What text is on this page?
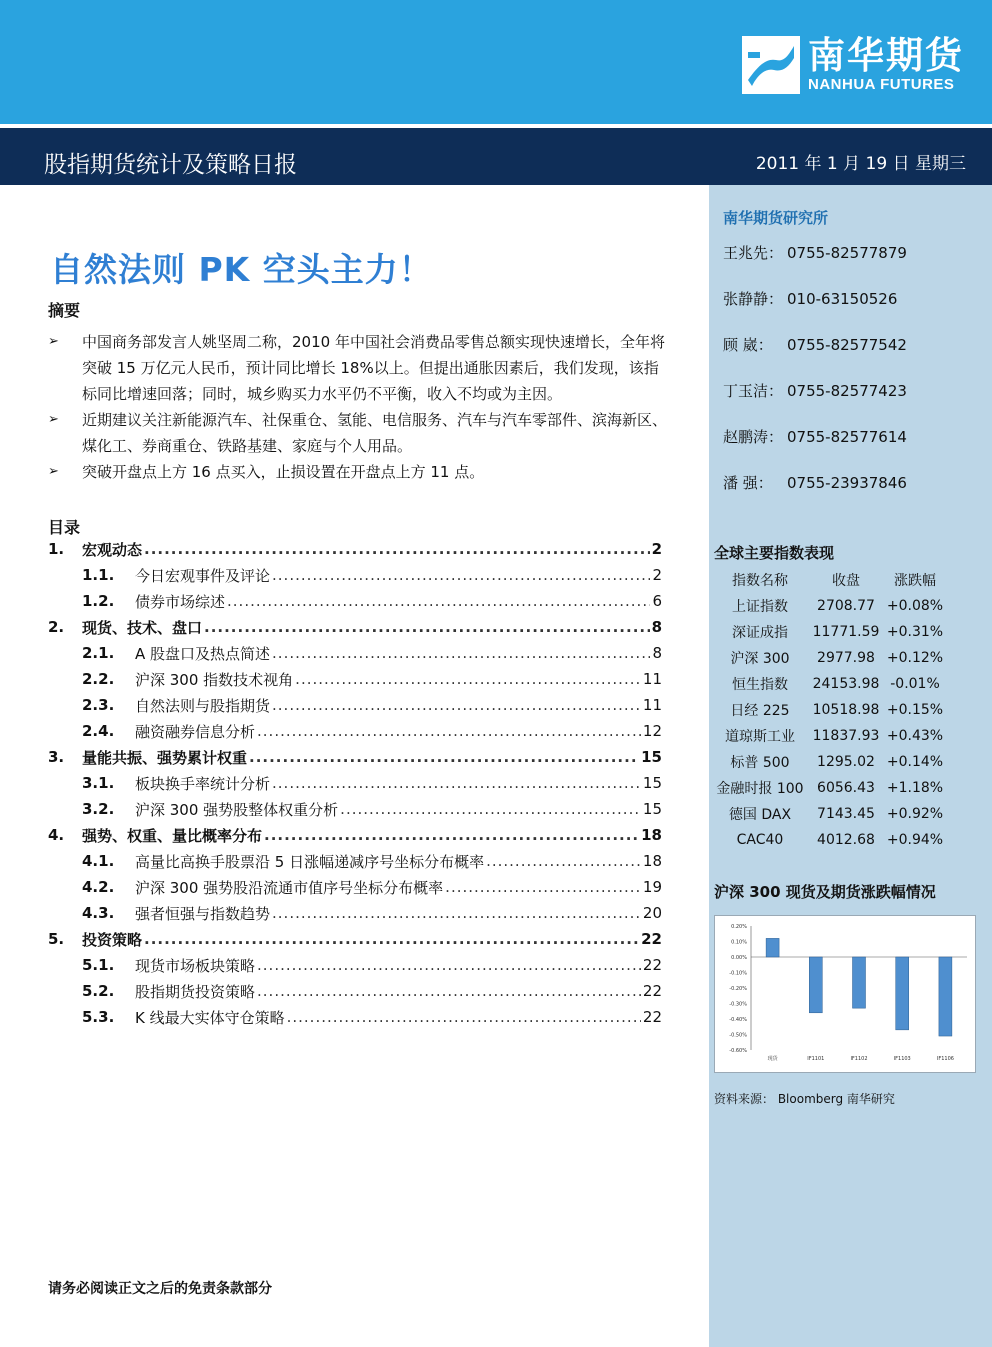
南华期货
NANHUA FUTURES
股指期货统计及策略日报	2011 年 1 月 19 日 星期三
自然法则 PK 空头主力！
摘要
➢ 中国商务部发言人姚坚周二称，2010 年中国社会消费品零售总额实现快速增长，全年将突破 15 万亿元人民币，预计同比增长 18%以上。但提出通胀因素后，我们发现，该指标同比增速回落；同时，城乡购买力水平仍不平衡，收入不均或为主因。
➢ 近期建议关注新能源汽车、社保重仓、氢能、电信服务、汽车与汽车零部件、滨海新区、煤化工、券商重仓、铁路基建、家庭与个人用品。
➢ 突破开盘点上方 16 点买入，止损设置在开盘点上方 11 点。
目录
1.	宏观动态 .....	2
1.1.	今日宏观事件及评论 .....	2
1.2.	债券市场综述 .....	6
2.	现货、技术、盘口 .....	8
2.1.	A 股盘口及热点简述 .....	8
2.2.	沪深 300 指数技术视角 .....	11
2.3.	自然法则与股指期货 .....	11
2.4.	融资融券信息分析 .....	12
3.	量能共振、强势累计权重 .....	15
3.1.	板块换手率统计分析 .....	15
3.2.	沪深 300 强势股整体权重分析 .....	15
4.	强势、权重、量比概率分布 .....	18
4.1.	高量比高换手股票沿 5 日涨幅递减序号坐标分布概率 .....	18
4.2.	沪深 300 强势股沿流通市值序号坐标分布概率 .....	19
4.3.	强者恒强与指数趋势 .....	20
5.	投资策略 .....	22
5.1.	现货市场板块策略 .....	22
5.2.	股指期货投资策略 .....	22
5.3.	K 线最大实体守仓策略 .....	22
请务必阅读正文之后的免责条款部分
南华期货研究所
王兆先： 0755-82577879
张静静： 010-63150526
顾 崴： 0755-82577542
丁玉洁： 0755-82577423
赵鹏涛： 0755-82577614
潘 强： 0755-23937846
全球主要指数表现
指数名称	收盘	涨跌幅
上证指数	2708.77	+0.08%
深证成指	11771.59	+0.31%
沪深 300	2977.98	+0.12%
恒生指数	24153.98	-0.01%
日经 225	10518.98	+0.15%
道琼斯工业	11837.93	+0.43%
标普 500	1295.02	+0.14%
金融时报 100	6056.43	+1.18%
德国 DAX	7143.45	+0.92%
CAC40	4012.68	+0.94%
沪深 300 现货及期货涨跌幅情况
0.20%
0.10%
0.00%
-0.10%
-0.20%
-0.30%
-0.40%
-0.50%
-0.60%
现货	IF1101	IF1102	IF1103	IF1106
资料来源： Bloomberg 南华研究
